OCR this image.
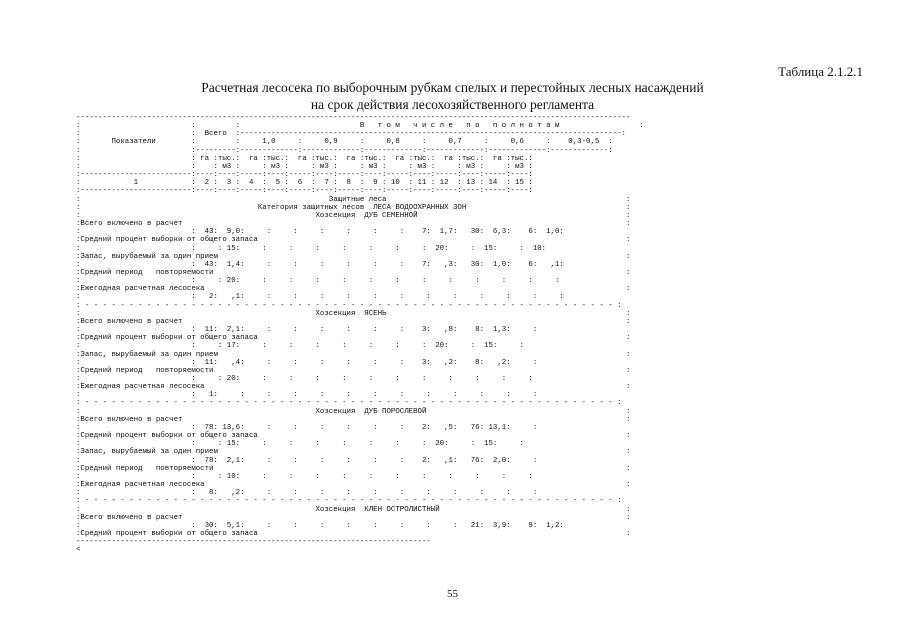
Таблица 2.1.2.1
Расчетная лесосека по выборочным рубкам спелых и перестойных лесных насаждений
на срок действия лесохозяйственного регламента
-----------------------------------------------------------------------------------------------------------------------------
:                         :         :                           В   т о м   ч и с л е   п о   п о л н о т а м                  :
:                         :  Всего  :--------------------------------------------------------------------------------------:
:       Показатели        :         :     1,0     :     0,9     :     0,8     :     0,7     :     0,6     :    0,3-0,5  :
:                         :---------:-------------:-------------:-------------:-------------:-------------:-------------:
:                         : га :тыс.:  га :тыс.:  га :тыс.:  га :тыс.:  га :тыс.:  га :тыс.:  га :тыс.:
:                         :    : м3 :     : м3 :     : м3 :     : м3 :     : м3 :     : м3 :     : м3 :
:-------------------------:----:----:-----:----:-----:----:-----:----:-----:----:-----:----:-----:----:
:            1            :  2 :  3 :  4  :  5 :  6  :  7 :  8  :  9 : 10  : 11 : 12  : 13 : 14  : 15 :
:-------------------------:----:----:-----:----:-----:----:-----:----:-----:----:-----:----:-----:----:
:                                                        Защитные леса                                                      :
:                                        Категория защитных лесов  ЛЕСА ВОДООХРАННЫХ ЗОН                                    :
:                                                     Хозсекция  ДУБ СЕМЕННОЙ                                               :
:Всего включено в расчет                                                                                                    :
:                         :  43:  9,0:     :     :     :     :     :     :    7:  1,7:   30:  6,3:    6:  1,0:
:Средний процент выборки от общего запаса                                                                                   :
:                         :     : 15:     :     :     :     :     :     :     :  20:     :  15:     :  10:
:Запас, вырубаемый за один прием                                                                                            :
:                         :  43:  1,4:     :     :     :     :     :     :    7:   ,3:   30:  1,0:    6:   ,1:
:Средний период   повторяемости                                                                                             :
:                         :     : 20:     :     :     :     :     :     :     :     :     :     :     :     :
:Ежегодная расчетная лесосека                                                                                               :
:                         :   2:   ,1:     :     :     :     :     :     :     :     :     :     :     :     :
: - - - - - - - - - - - - - - - - - - - - - - - - - - - - - - - - - - - - - - - - - - - - - - - - - - - - - - - - - - - - :
:                                                     Хозсекция  ЯСЕНЬ                                                      :
:Всего включено в расчет                                                                                                    :
:                         :  11:  2,1:     :     :     :     :     :     :    3:   ,8:    8:  1,3:     :
:Средний процент выборки от общего запаса                                                                                   :
:                         :     : 17:     :     :     :     :     :     :     :  20:     :  15:     :
:Запас, вырубаемый за один прием                                                                                            :
:                         :  11:   ,4:     :     :     :     :     :     :    3:   ,2:    8:   ,2:     :
:Средний период   повторяемости                                                                                             :
:                         :     : 20:     :     :     :     :     :     :     :     :     :     :     :
:Ежегодная расчетная лесосека                                                                                               :
:                         :   1:     :     :     :     :     :     :     :     :     :     :     :     :
: - - - - - - - - - - - - - - - - - - - - - - - - - - - - - - - - - - - - - - - - - - - - - - - - - - - - - - - - - - - - :
:                                                     Хозсекция  ДУБ ПОРОСЛЕВОЙ                                             :
:Всего включено в расчет                                                                                                    :
:                         :  78: 13,6:     :     :     :     :     :     :    2:   ,5:   76: 13,1:     :
:Средний процент выборки от общего запаса                                                                                   :
:                         :     : 15:     :     :     :     :     :     :     :  20:     :  15:     :
:Запас, вырубаемый за один прием                                                                                            :
:                         :  78:  2,1:     :     :     :     :     :     :    2:   ,1:   76:  2,0:     :
:Средний период   повторяемости                                                                                             :
:                         :     : 10:     :     :     :     :     :     :     :     :     :     :     :
:Ежегодная расчетная лесосека                                                                                               :
:                         :   8:   ,2:     :     :     :     :     :     :     :     :     :     :     :
: - - - - - - - - - - - - - - - - - - - - - - - - - - - - - - - - - - - - - - - - - - - - - - - - - - - - - - - - - - - - :
:                                                     Хозсекция  КЛЕН ОСТРОЛИСТНЫЙ                                          :
:Всего включено в расчет                                                                                                    :
:                         :  30:  5,1:     :     :     :     :     :     :     :     :   21:  3,9:    9:  1,2:
:Средний процент выборки от общего запаса                                                                                   :
--------------------------------------------------------------------------------
<
55
